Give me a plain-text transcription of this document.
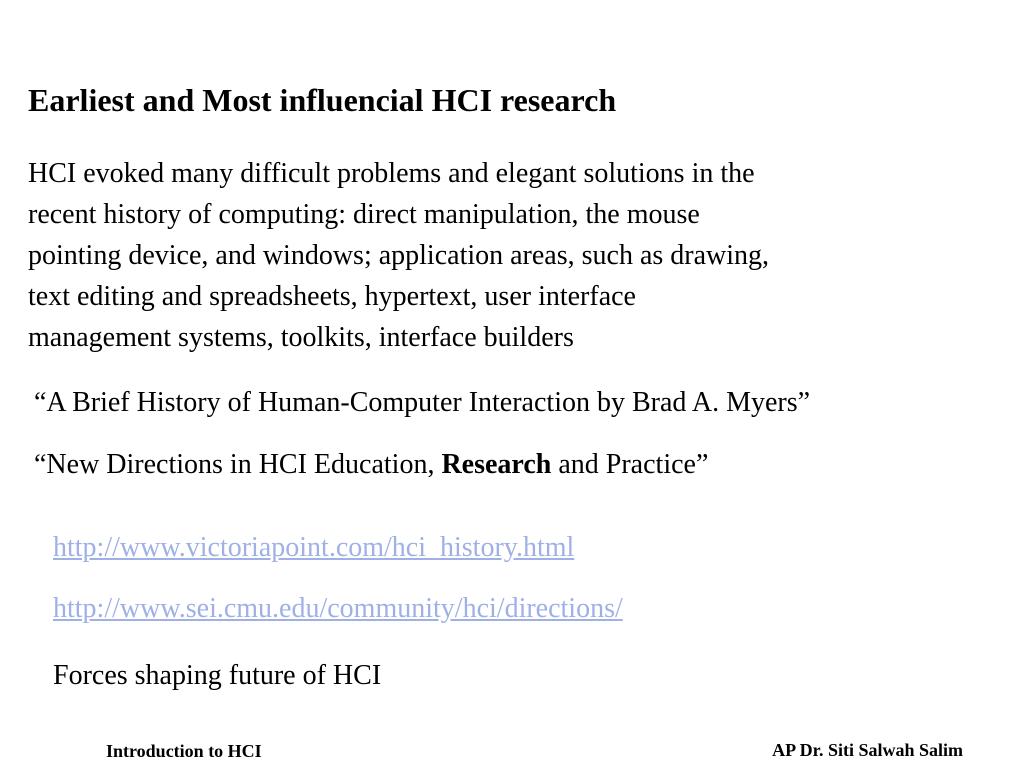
Earliest and Most influencial HCI research

HCI evoked many difficult problems and elegant solutions in the
recent history of computing: direct manipulation, the mouse
pointing device, and windows; application areas, such as drawing,
text editing and spreadsheets, hypertext, user interface
management systems, toolkits, interface builders

“A Brief History of Human-Computer Interaction by Brad A. Myers”

“New Directions in HCI Education, Research and Practice”

http://www.victoriapoint.com/hci_history.html
http://www.sei.cmu.edu/community/hci/directions/

Forces shaping future of HCI

Introduction to HCI	AP Dr. Siti Salwah Salim
